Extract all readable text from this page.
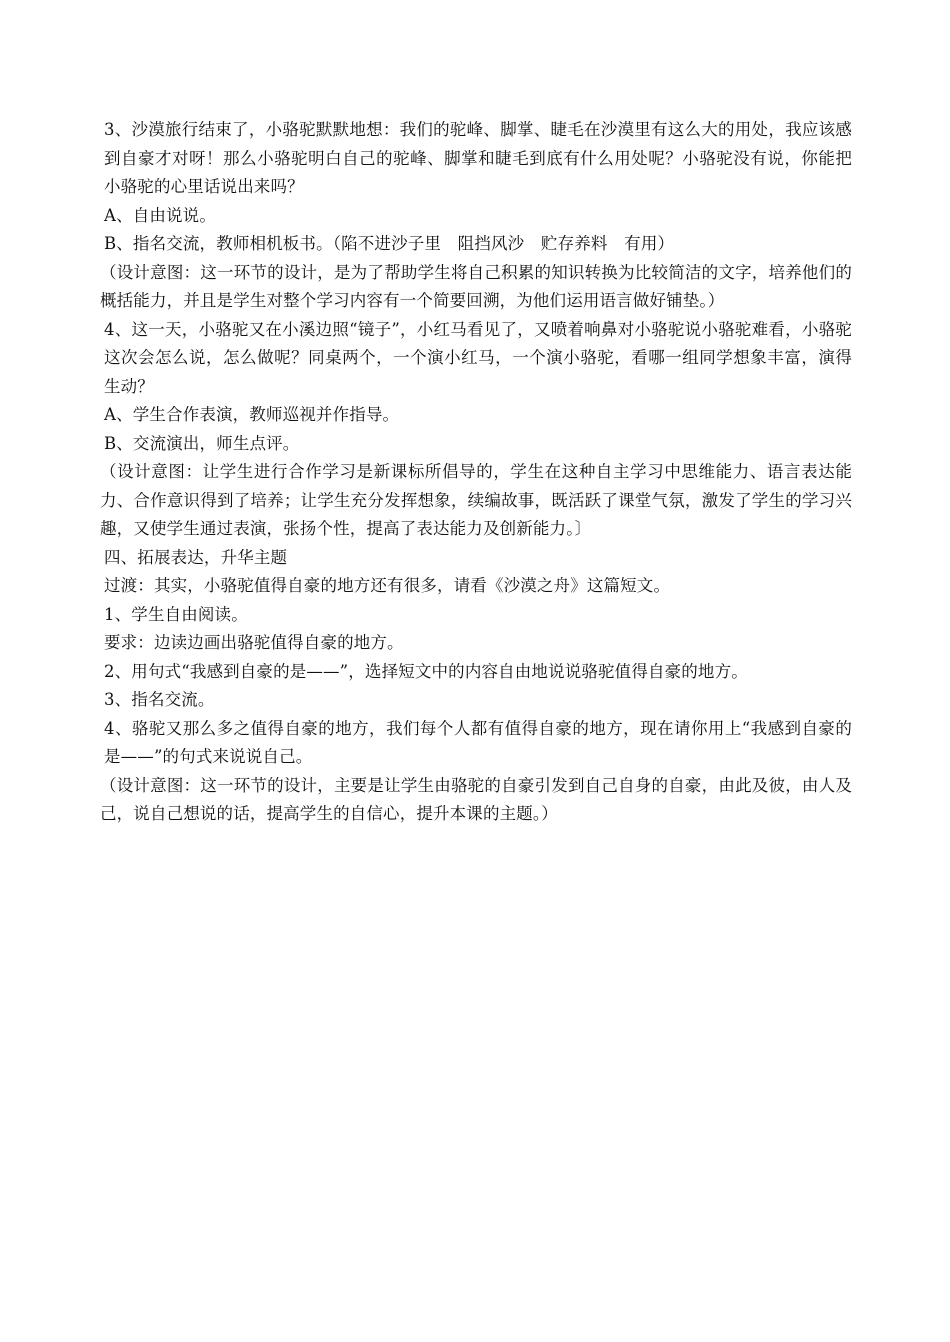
3、沙漠旅行结束了，小骆驼默默地想：我们的驼峰、脚掌、睫毛在沙漠里有这么大的用处，我应该感到自豪才对呀！那么小骆驼明白自己的驼峰、脚掌和睫毛到底有什么用处呢？小骆驼没有说，你能把小骆驼的心里话说出来吗？

A、自由说说。

B、指名交流，教师相机板书。（陷不进沙子里　阻挡风沙　贮存养料　有用）

（设计意图：这一环节的设计，是为了帮助学生将自己积累的知识转换为比较简洁的文字，培养他们的概括能力，并且是学生对整个学习内容有一个简要回溯，为他们运用语言做好铺垫。）

4、这一天，小骆驼又在小溪边照“镜子”，小红马看见了，又喷着响鼻对小骆驼说小骆驼难看，小骆驼这次会怎么说，怎么做呢？同桌两个，一个演小红马，一个演小骆驼，看哪一组同学想象丰富，演得生动？

A、学生合作表演，教师巡视并作指导。

B、交流演出，师生点评。

（设计意图：让学生进行合作学习是新课标所倡导的，学生在这种自主学习中思维能力、语言表达能力、合作意识得到了培养；让学生充分发挥想象，续编故事，既活跃了课堂气氛，激发了学生的学习兴趣，又使学生通过表演，张扬个性，提高了表达能力及创新能力。〕

四、拓展表达，升华主题

过渡：其实，小骆驼值得自豪的地方还有很多，请看《沙漠之舟》这篇短文。

1、学生自由阅读。

要求：边读边画出骆驼值得自豪的地方。

2、用句式“我感到自豪的是——”，选择短文中的内容自由地说说骆驼值得自豪的地方。

3、指名交流。

4、骆驼又那么多之值得自豪的地方，我们每个人都有值得自豪的地方，现在请你用上“我感到自豪的是——”的句式来说说自己。

（设计意图：这一环节的设计，主要是让学生由骆驼的自豪引发到自己自身的自豪，由此及彼，由人及己，说自己想说的话，提高学生的自信心，提升本课的主题。）
